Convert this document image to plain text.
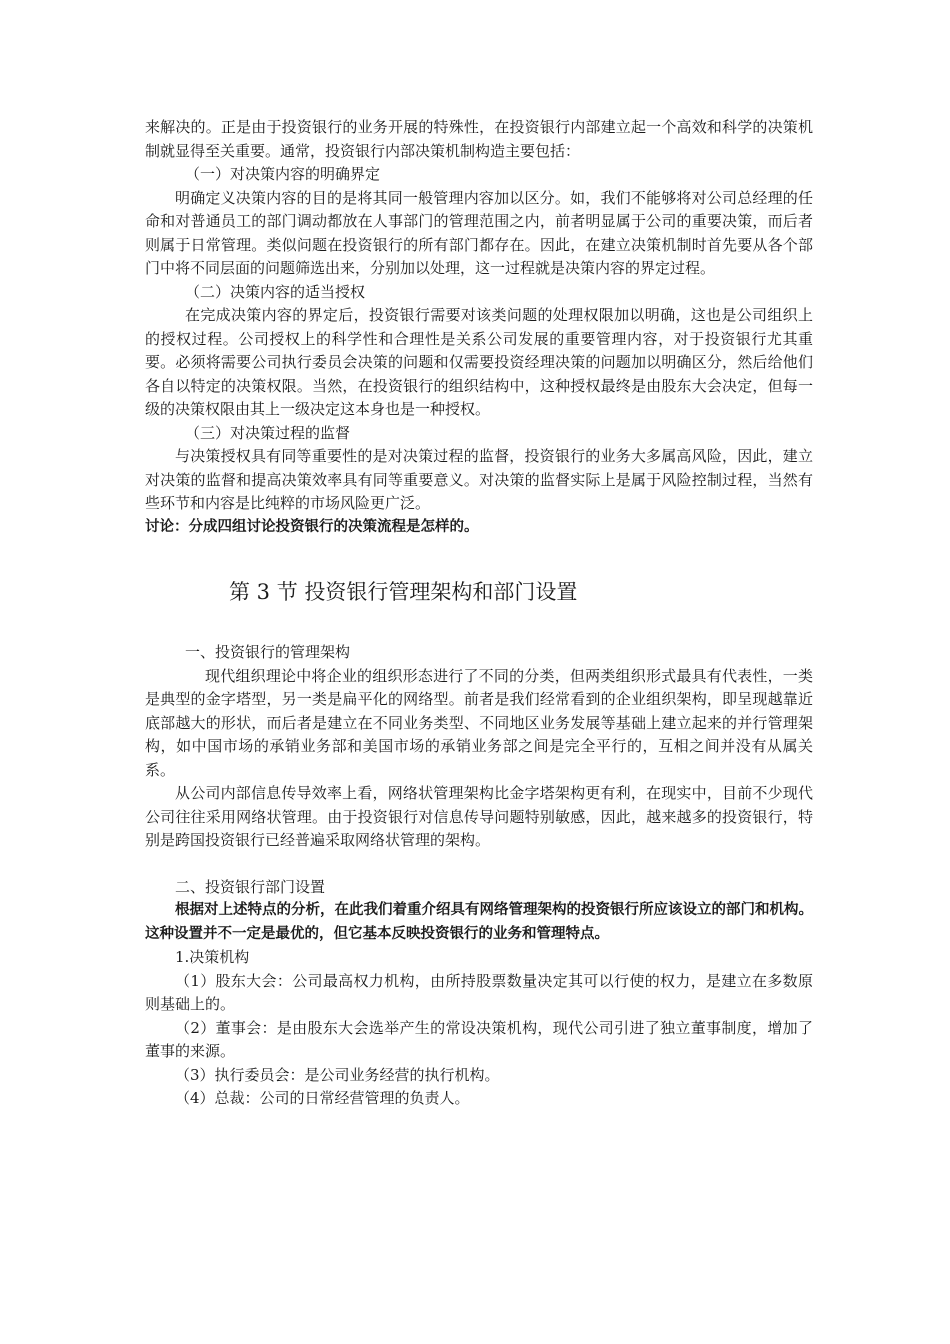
来解决的。正是由于投资银行的业务开展的特殊性，在投资银行内部建立起一个高效和科学的决策机制就显得至关重要。通常，投资银行内部决策机制构造主要包括：

（一）对决策内容的明确界定

明确定义决策内容的目的是将其同一般管理内容加以区分。如，我们不能够将对公司总经理的任命和对普通员工的部门调动都放在人事部门的管理范围之内，前者明显属于公司的重要决策，而后者则属于日常管理。类似问题在投资银行的所有部门都存在。因此，在建立决策机制时首先要从各个部门中将不同层面的问题筛选出来，分别加以处理，这一过程就是决策内容的界定过程。

（二）决策内容的适当授权

在完成决策内容的界定后，投资银行需要对该类问题的处理权限加以明确，这也是公司组织上的授权过程。公司授权上的科学性和合理性是关系公司发展的重要管理内容，对于投资银行尤其重要。必须将需要公司执行委员会决策的问题和仅需要投资经理决策的问题加以明确区分，然后给他们各自以特定的决策权限。当然，在投资银行的组织结构中，这种授权最终是由股东大会决定，但每一级的决策权限由其上一级决定这本身也是一种授权。

（三）对决策过程的监督

与决策授权具有同等重要性的是对决策过程的监督，投资银行的业务大多属高风险，因此，建立对决策的监督和提高决策效率具有同等重要意义。对决策的监督实际上是属于风险控制过程，当然有些环节和内容是比纯粹的市场风险更广泛。

讨论：分成四组讨论投资银行的决策流程是怎样的。

第 3 节 投资银行管理架构和部门设置

一、投资银行的管理架构

现代组织理论中将企业的组织形态进行了不同的分类，但两类组织形式最具有代表性，一类是典型的金字塔型，另一类是扁平化的网络型。前者是我们经常看到的企业组织架构，即呈现越靠近底部越大的形状，而后者是建立在不同业务类型、不同地区业务发展等基础上建立起来的并行管理架构，如中国市场的承销业务部和美国市场的承销业务部之间是完全平行的，互相之间并没有从属关系。

从公司内部信息传导效率上看，网络状管理架构比金字塔架构更有利，在现实中，目前不少现代公司往往采用网络状管理。由于投资银行对信息传导问题特别敏感，因此，越来越多的投资银行，特别是跨国投资银行已经普遍采取网络状管理的架构。

二、投资银行部门设置

根据对上述特点的分析，在此我们着重介绍具有网络管理架构的投资银行所应该设立的部门和机构。这种设置并不一定是最优的，但它基本反映投资银行的业务和管理特点。

1.决策机构

（1）股东大会：公司最高权力机构，由所持股票数量决定其可以行使的权力，是建立在多数原则基础上的。

（2）董事会：是由股东大会选举产生的常设决策机构，现代公司引进了独立董事制度，增加了董事的来源。

（3）执行委员会：是公司业务经营的执行机构。

（4）总裁：公司的日常经营管理的负责人。
